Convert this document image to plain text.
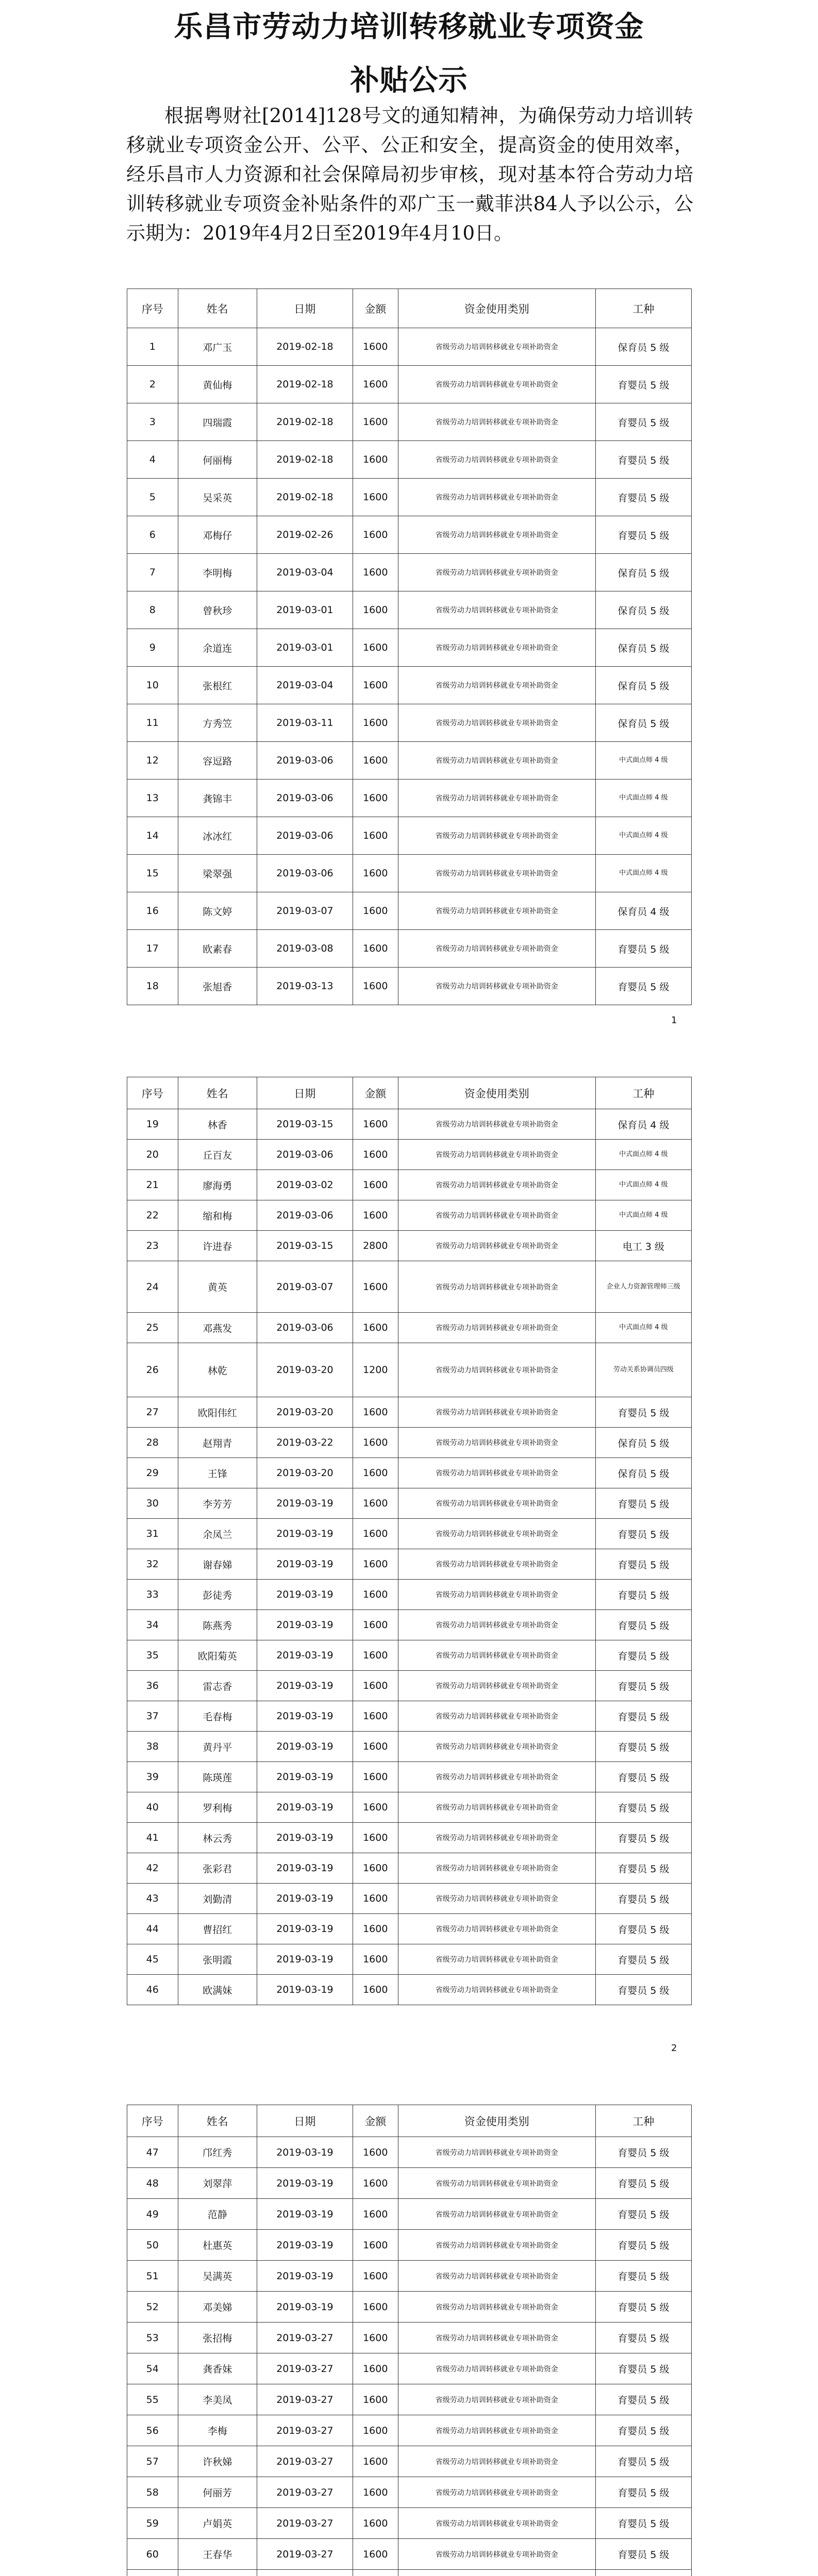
乐昌市劳动力培训转移就业专项资金
补贴公示
根据粤财社[2014]128号文的通知精神，为确保劳动力培训转移就业专项资金公开、公平、公正和安全，提高资金的使用效率，经乐昌市人力资源和社会保障局初步审核，现对基本符合劳动力培训转移就业专项资金补贴条件的邓广玉一戴菲洪84人予以公示，公示期为：2019年4月2日至2019年4月10日。
序号	姓名	日期	金额	资金使用类别	工种
1	邓广玉	2019-02-18	1600	省级劳动力培训转移就业专项补助资金	保育员 5 级
2	黄仙梅	2019-02-18	1600	省级劳动力培训转移就业专项补助资金	育婴员 5 级
3	四瑞霞	2019-02-18	1600	省级劳动力培训转移就业专项补助资金	育婴员 5 级
4	何丽梅	2019-02-18	1600	省级劳动力培训转移就业专项补助资金	育婴员 5 级
5	吴采英	2019-02-18	1600	省级劳动力培训转移就业专项补助资金	育婴员 5 级
6	邓梅仔	2019-02-26	1600	省级劳动力培训转移就业专项补助资金	育婴员 5 级
7	李明梅	2019-03-04	1600	省级劳动力培训转移就业专项补助资金	保育员 5 级
8	曾秋珍	2019-03-01	1600	省级劳动力培训转移就业专项补助资金	保育员 5 级
9	余道连	2019-03-01	1600	省级劳动力培训转移就业专项补助资金	保育员 5 级
10	张根红	2019-03-04	1600	省级劳动力培训转移就业专项补助资金	保育员 5 级
11	方秀笠	2019-03-11	1600	省级劳动力培训转移就业专项补助资金	保育员 5 级
12	容逗路	2019-03-06	1600	省级劳动力培训转移就业专项补助资金	中式面点师 4 级
13	龚锦丰	2019-03-06	1600	省级劳动力培训转移就业专项补助资金	中式面点师 4 级
14	冰冰红	2019-03-06	1600	省级劳动力培训转移就业专项补助资金	中式面点师 4 级
15	梁翠强	2019-03-06	1600	省级劳动力培训转移就业专项补助资金	中式面点师 4 级
16	陈文婷	2019-03-07	1600	省级劳动力培训转移就业专项补助资金	保育员 4 级
17	欧素春	2019-03-08	1600	省级劳动力培训转移就业专项补助资金	育婴员 5 级
18	张旭香	2019-03-13	1600	省级劳动力培训转移就业专项补助资金	育婴员 5 级
1
序号	姓名	日期	金额	资金使用类别	工种
19	林香	2019-03-15	1600	省级劳动力培训转移就业专项补助资金	保育员 4 级
20	丘百友	2019-03-06	1600	省级劳动力培训转移就业专项补助资金	中式面点师 4 级
21	廖海勇	2019-03-02	1600	省级劳动力培训转移就业专项补助资金	中式面点师 4 级
22	缩和梅	2019-03-06	1600	省级劳动力培训转移就业专项补助资金	中式面点师 4 级
23	许进春	2019-03-15	2800	省级劳动力培训转移就业专项补助资金	电工 3 级
24	黄英	2019-03-07	1600	省级劳动力培训转移就业专项补助资金	企业人力资源管理师三级
25	邓燕发	2019-03-06	1600	省级劳动力培训转移就业专项补助资金	中式面点师 4 级
26	林乾	2019-03-20	1200	省级劳动力培训转移就业专项补助资金	劳动关系协调员四级
27	欧阳伟红	2019-03-20	1600	省级劳动力培训转移就业专项补助资金	育婴员 5 级
28	赵翔青	2019-03-22	1600	省级劳动力培训转移就业专项补助资金	保育员 5 级
29	王锋	2019-03-20	1600	省级劳动力培训转移就业专项补助资金	保育员 5 级
30	李芳芳	2019-03-19	1600	省级劳动力培训转移就业专项补助资金	育婴员 5 级
31	余凤兰	2019-03-19	1600	省级劳动力培训转移就业专项补助资金	育婴员 5 级
32	谢春娣	2019-03-19	1600	省级劳动力培训转移就业专项补助资金	育婴员 5 级
33	彭徒秀	2019-03-19	1600	省级劳动力培训转移就业专项补助资金	育婴员 5 级
34	陈燕秀	2019-03-19	1600	省级劳动力培训转移就业专项补助资金	育婴员 5 级
35	欧阳菊英	2019-03-19	1600	省级劳动力培训转移就业专项补助资金	育婴员 5 级
36	雷志香	2019-03-19	1600	省级劳动力培训转移就业专项补助资金	育婴员 5 级
37	毛春梅	2019-03-19	1600	省级劳动力培训转移就业专项补助资金	育婴员 5 级
38	黄丹平	2019-03-19	1600	省级劳动力培训转移就业专项补助资金	育婴员 5 级
39	陈瑛莲	2019-03-19	1600	省级劳动力培训转移就业专项补助资金	育婴员 5 级
40	罗利梅	2019-03-19	1600	省级劳动力培训转移就业专项补助资金	育婴员 5 级
41	林云秀	2019-03-19	1600	省级劳动力培训转移就业专项补助资金	育婴员 5 级
42	张彩君	2019-03-19	1600	省级劳动力培训转移就业专项补助资金	育婴员 5 级
43	刘勤清	2019-03-19	1600	省级劳动力培训转移就业专项补助资金	育婴员 5 级
44	曹招红	2019-03-19	1600	省级劳动力培训转移就业专项补助资金	育婴员 5 级
45	张明霞	2019-03-19	1600	省级劳动力培训转移就业专项补助资金	育婴员 5 级
46	欧满妹	2019-03-19	1600	省级劳动力培训转移就业专项补助资金	育婴员 5 级
2
序号	姓名	日期	金额	资金使用类别	工种
47	邝红秀	2019-03-19	1600	省级劳动力培训转移就业专项补助资金	育婴员 5 级
48	刘翠萍	2019-03-19	1600	省级劳动力培训转移就业专项补助资金	育婴员 5 级
49	范静	2019-03-19	1600	省级劳动力培训转移就业专项补助资金	育婴员 5 级
50	杜惠英	2019-03-19	1600	省级劳动力培训转移就业专项补助资金	育婴员 5 级
51	吴满英	2019-03-19	1600	省级劳动力培训转移就业专项补助资金	育婴员 5 级
52	邓美娣	2019-03-19	1600	省级劳动力培训转移就业专项补助资金	育婴员 5 级
53	张招梅	2019-03-27	1600	省级劳动力培训转移就业专项补助资金	育婴员 5 级
54	龚香妹	2019-03-27	1600	省级劳动力培训转移就业专项补助资金	育婴员 5 级
55	李美凤	2019-03-27	1600	省级劳动力培训转移就业专项补助资金	育婴员 5 级
56	李梅	2019-03-27	1600	省级劳动力培训转移就业专项补助资金	育婴员 5 级
57	许秋娣	2019-03-27	1600	省级劳动力培训转移就业专项补助资金	育婴员 5 级
58	何丽芳	2019-03-27	1600	省级劳动力培训转移就业专项补助资金	育婴员 5 级
59	卢娟英	2019-03-27	1600	省级劳动力培训转移就业专项补助资金	育婴员 5 级
60	王春华	2019-03-27	1600	省级劳动力培训转移就业专项补助资金	育婴员 5 级
